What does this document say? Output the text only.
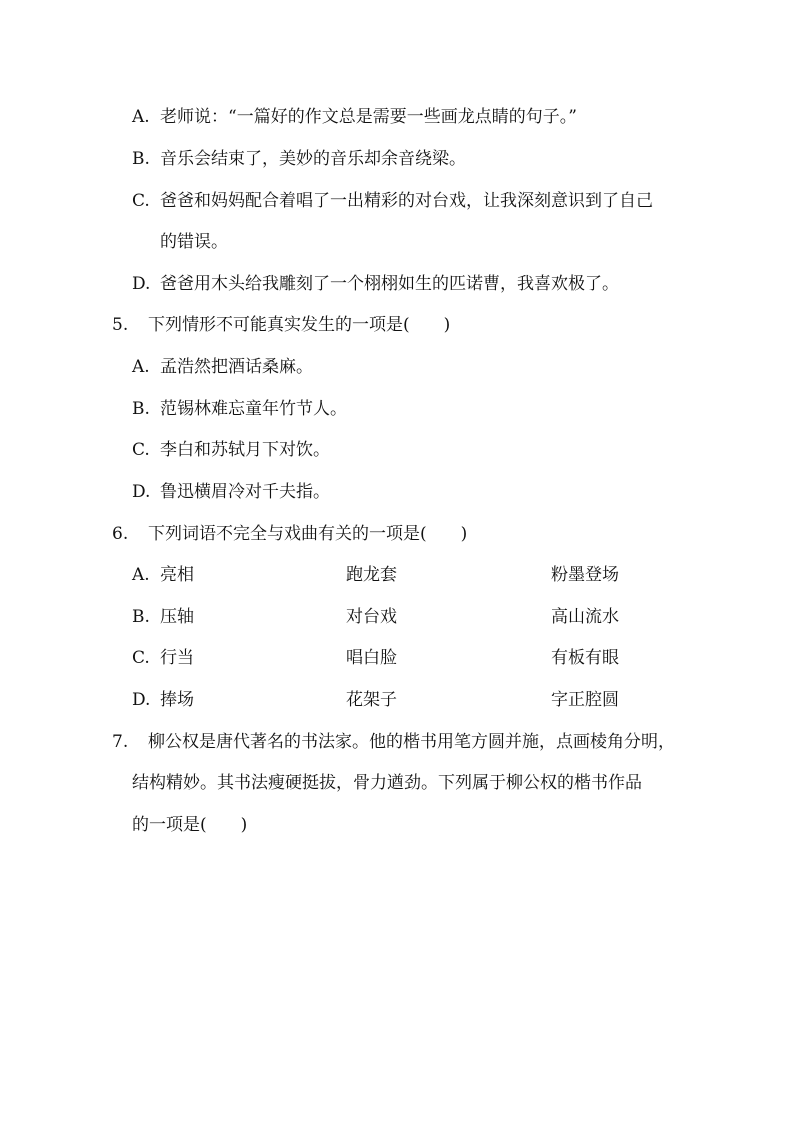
A. 老师说：“一篇好的作文总是需要一些画龙点睛的句子。”
B. 音乐会结束了，美妙的音乐却余音绕梁。
C. 爸爸和妈妈配合着唱了一出精彩的对台戏，让我深刻意识到了自己
的错误。
D. 爸爸用木头给我雕刻了一个栩栩如生的匹诺曹，我喜欢极了。
5. 下列情形不可能真实发生的一项是(　　)
A. 孟浩然把酒话桑麻。
B. 范锡林难忘童年竹节人。
C. 李白和苏轼月下对饮。
D. 鲁迅横眉冷对千夫指。
6. 下列词语不完全与戏曲有关的一项是(　　)
A. 亮相	跑龙套	粉墨登场
B. 压轴	对台戏	高山流水
C. 行当	唱白脸	有板有眼
D. 捧场	花架子	字正腔圆
7. 柳公权是唐代著名的书法家。他的楷书用笔方圆并施，点画棱角分明，
结构精妙。其书法瘦硬挺拔，骨力遒劲。下列属于柳公权的楷书作品
的一项是(　　)
